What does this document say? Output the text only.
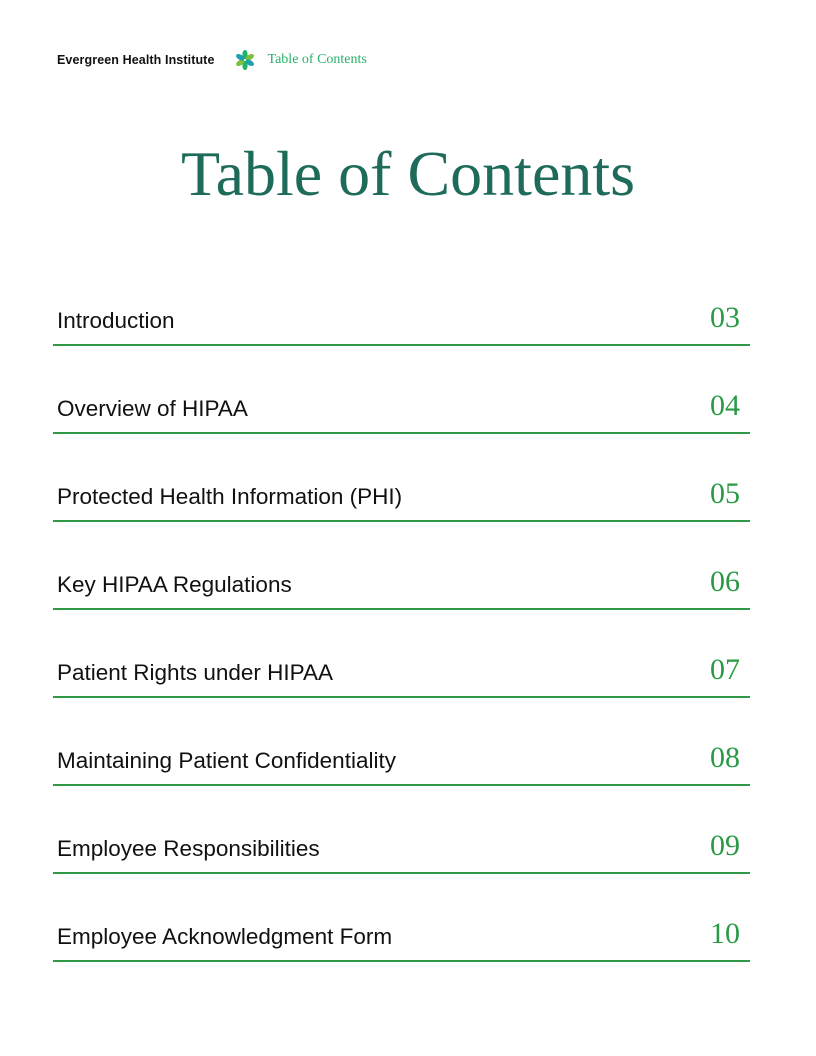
Evergreen Health Institute	Table of Contents
Table of Contents
Introduction	03
Overview of HIPAA	04
Protected Health Information (PHI)	05
Key HIPAA Regulations	06
Patient Rights under HIPAA	07
Maintaining Patient Confidentiality	08
Employee Responsibilities	09
Employee Acknowledgment Form	10
